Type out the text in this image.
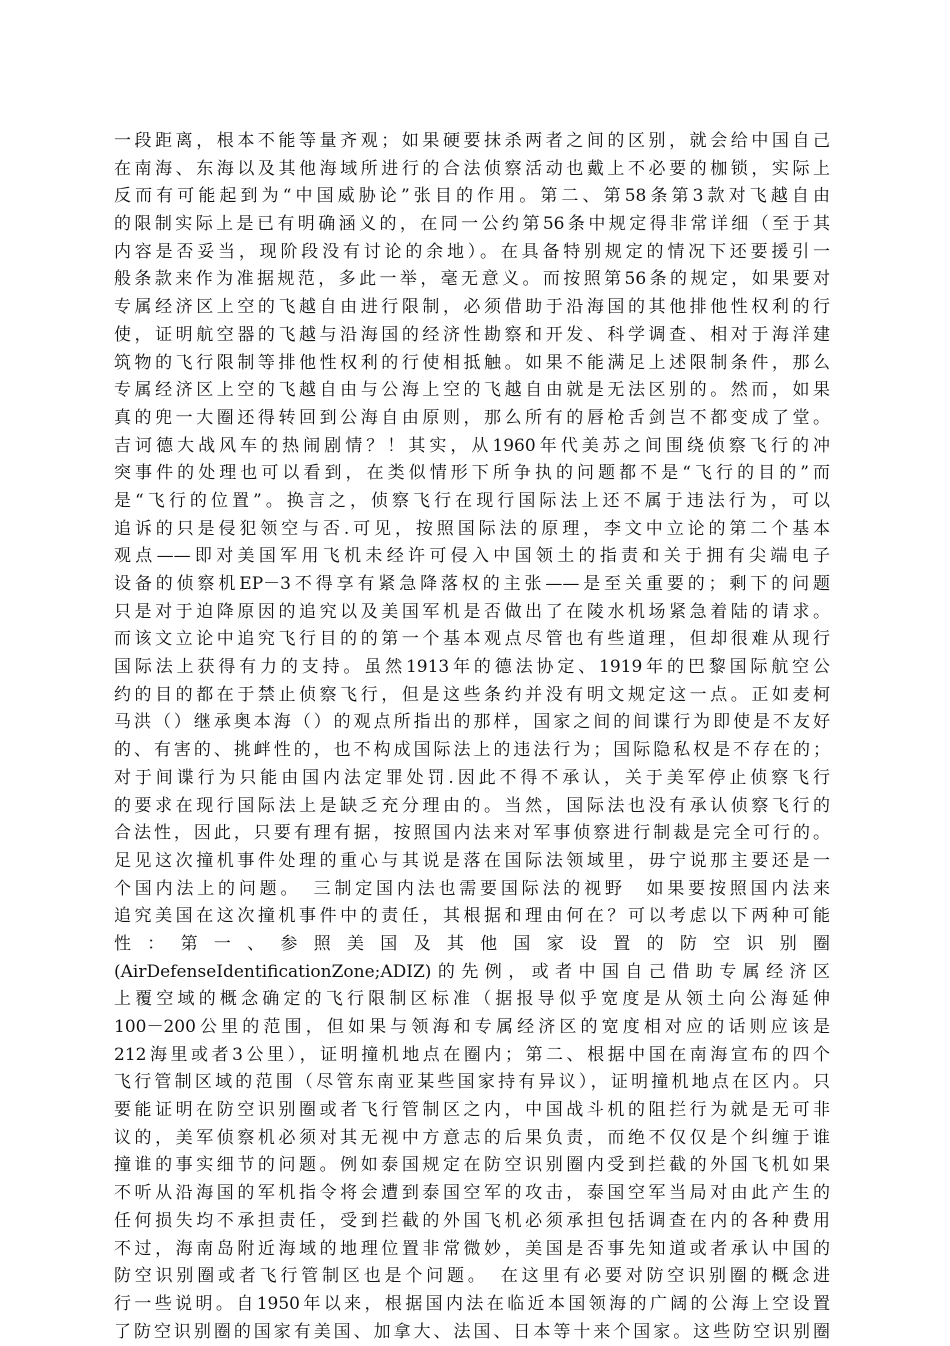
一段距离，根本不能等量齐观；如果硬要抹杀两者之间的区别，就会给中国自己
在南海、东海以及其他海域所进行的合法侦察活动也戴上不必要的枷锁，实际上
反而有可能起到为“中国威胁论”张目的作用。第二、第58条第3款对飞越自由
的限制实际上是已有明确涵义的，在同一公约第56条中规定得非常详细（至于其
内容是否妥当，现阶段没有讨论的余地）。在具备特别规定的情况下还要援引一
般条款来作为准据规范，多此一举，毫无意义。而按照第56条的规定，如果要对
专属经济区上空的飞越自由进行限制，必须借助于沿海国的其他排他性权利的行
使，证明航空器的飞越与沿海国的经济性勘察和开发、科学调查、相对于海洋建
筑物的飞行限制等排他性权利的行使相抵触。如果不能满足上述限制条件，那么
专属经济区上空的飞越自由与公海上空的飞越自由就是无法区别的。然而，如果
真的兜一大圈还得转回到公海自由原则，那么所有的唇枪舌剑岂不都变成了堂。
吉诃德大战风车的热闹剧情？！其实，从1960年代美苏之间围绕侦察飞行的冲
突事件的处理也可以看到，在类似情形下所争执的问题都不是“飞行的目的”而
是“飞行的位置”。换言之，侦察飞行在现行国际法上还不属于违法行为，可以
追诉的只是侵犯领空与否.可见，按照国际法的原理，李文中立论的第二个基本
观点——即对美国军用飞机未经许可侵入中国领土的指责和关于拥有尖端电子
设备的侦察机EP－3不得享有紧急降落权的主张——是至关重要的；剩下的问题
只是对于迫降原因的追究以及美国军机是否做出了在陵水机场紧急着陆的请求。
而该文立论中追究飞行目的的第一个基本观点尽管也有些道理，但却很难从现行
国际法上获得有力的支持。虽然1913年的德法协定、1919年的巴黎国际航空公
约的目的都在于禁止侦察飞行，但是这些条约并没有明文规定这一点。正如麦柯
马洪（）继承奥本海（）的观点所指出的那样，国家之间的间谍行为即使是不友好
的、有害的、挑衅性的，也不构成国际法上的违法行为；国际隐私权是不存在的；
对于间谍行为只能由国内法定罪处罚.因此不得不承认，关于美军停止侦察飞行
的要求在现行国际法上是缺乏充分理由的。当然，国际法也没有承认侦察飞行的
合法性，因此，只要有理有据，按照国内法来对军事侦察进行制裁是完全可行的。
足见这次撞机事件处理的重心与其说是落在国际法领域里，毋宁说那主要还是一
个国内法上的问题。　三制定国内法也需要国际法的视野　如果要按照国内法来
追究美国在这次撞机事件中的责任，其根据和理由何在？可以考虑以下两种可能
性：第一、参照美国及其他国家设置的防空识别圈
(AirDefenseIdentificationZone;ADIZ)的先例，或者中国自己借助专属经济区
上覆空域的概念确定的飞行限制区标准（据报导似乎宽度是从领土向公海延伸
100－200公里的范围，但如果与领海和专属经济区的宽度相对应的话则应该是
212海里或者3公里），证明撞机地点在圈内；第二、根据中国在南海宣布的四个
飞行管制区域的范围（尽管东南亚某些国家持有异议），证明撞机地点在区内。只
要能证明在防空识别圈或者飞行管制区之内，中国战斗机的阻拦行为就是无可非
议的，美军侦察机必须对其无视中方意志的后果负责，而绝不仅仅是个纠缠于谁
撞谁的事实细节的问题。例如泰国规定在防空识别圈内受到拦截的外国飞机如果
不听从沿海国的军机指令将会遭到泰国空军的攻击，泰国空军当局对由此产生的
任何损失均不承担责任，受到拦截的外国飞机必须承担包括调查在内的各种费用
不过，海南岛附近海域的地理位置非常微妙，美国是否事先知道或者承认中国的
防空识别圈或者飞行管制区也是个问题。　在这里有必要对防空识别圈的概念进
行一些说明。自1950年以来，根据国内法在临近本国领海的广阔的公海上空设置
了防空识别圈的国家有美国、加拿大、法国、日本等十来个国家。这些防空识别圈
